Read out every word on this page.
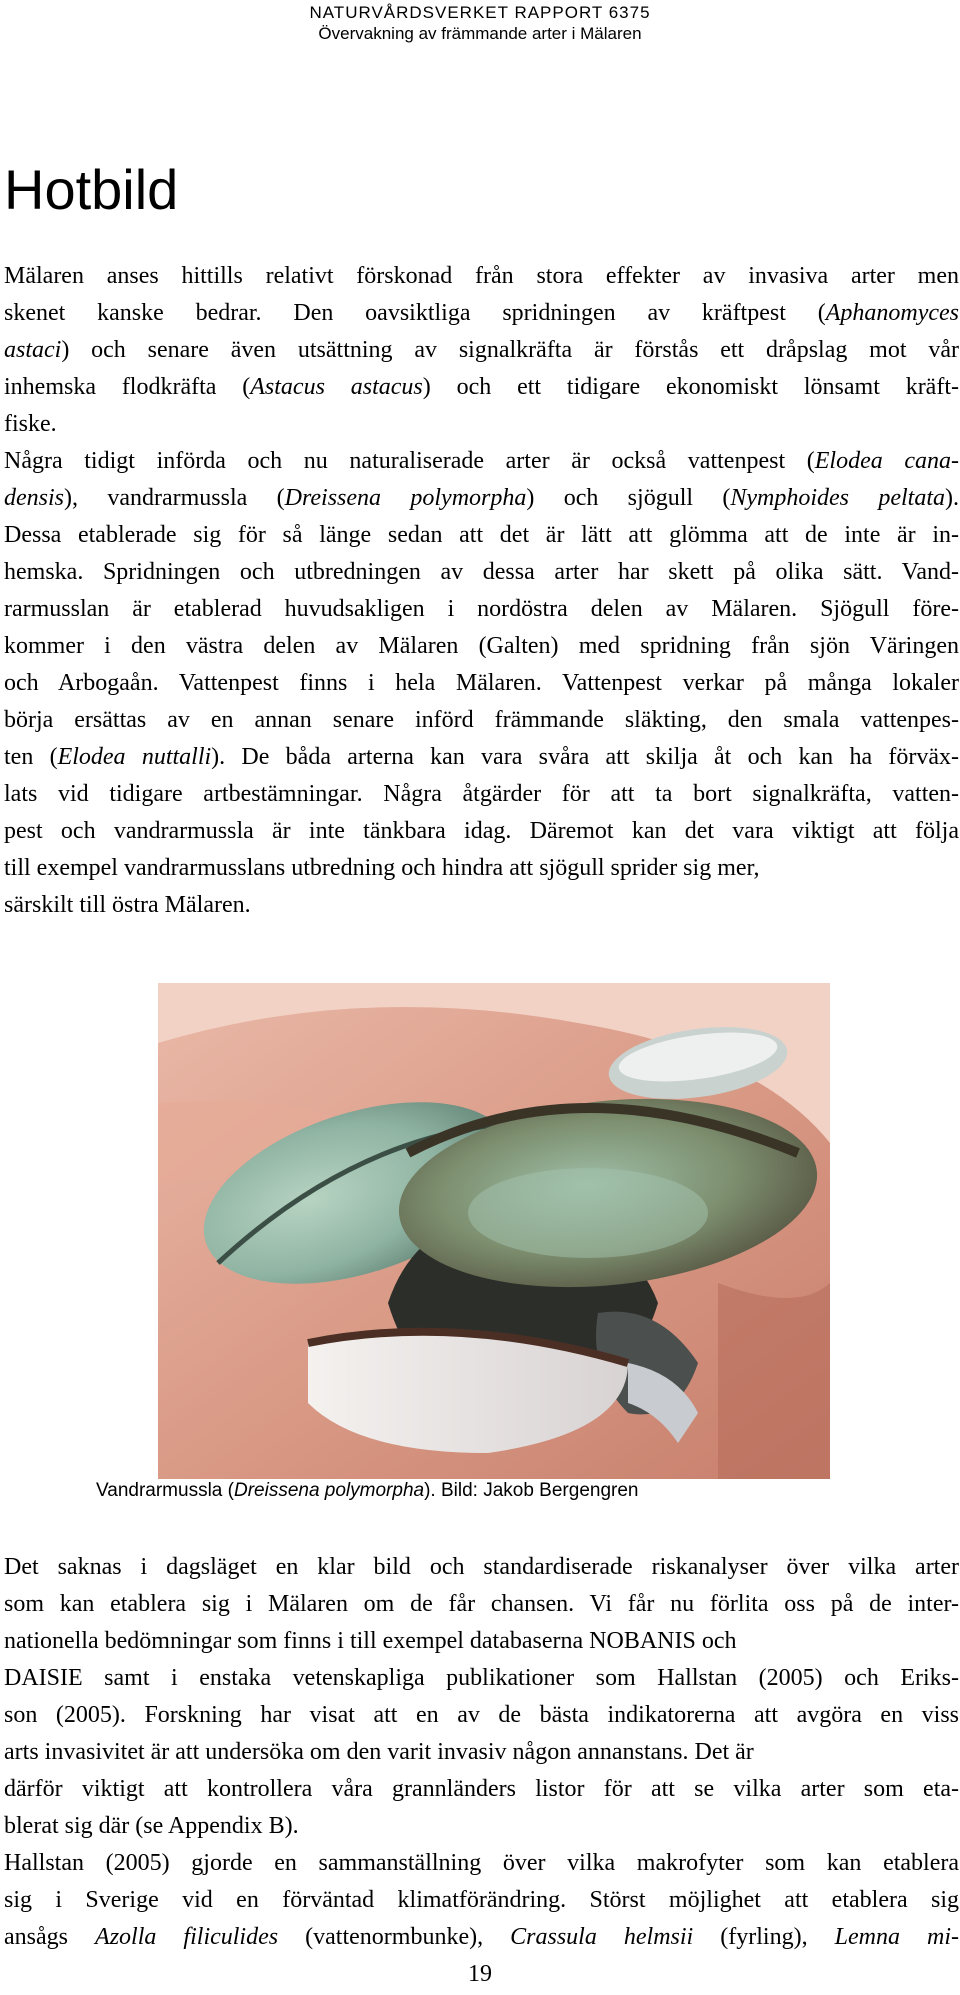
NATURVÅRDSVERKET RAPPORT 6375
Övervakning av främmande arter i Mälaren
Hotbild
Mälaren anses hittills relativt förskonad från stora effekter av invasiva arter men
skenet kanske bedrar. Den oavsiktliga spridningen av kräftpest (Aphanomyces
astaci) och senare även utsättning av signalkräfta är förstås ett dråpslag mot vår
inhemska flodkräfta (Astacus astacus) och ett tidigare ekonomiskt lönsamt kräft-
fiske.
Några tidigt införda och nu naturaliserade arter är också vattenpest (Elodea cana-
densis), vandrarmussla (Dreissena polymorpha) och sjögull (Nymphoides peltata).
Dessa etablerade sig för så länge sedan att det är lätt att glömma att de inte är in-
hemska. Spridningen och utbredningen av dessa arter har skett på olika sätt. Vand-
rarmusslan är etablerad huvudsakligen i nordöstra delen av Mälaren. Sjögull före-
kommer i den västra delen av Mälaren (Galten) med spridning från sjön Väringen
och Arbogaån. Vattenpest finns i hela Mälaren. Vattenpest verkar på många lokaler
börja ersättas av en annan senare införd främmande släkting, den smala vattenpes-
ten (Elodea nuttalli). De båda arterna kan vara svåra att skilja åt och kan ha förväx-
lats vid tidigare artbestämningar. Några åtgärder för att ta bort signalkräfta, vatten-
pest och vandrarmussla är inte tänkbara idag. Däremot kan det vara viktigt att följa
till exempel vandrarmusslans utbredning och hindra att sjögull sprider sig mer,
särskilt till östra Mälaren.
Vandrarmussla (Dreissena polymorpha). Bild: Jakob Bergengren
Det saknas i dagsläget en klar bild och standardiserade riskanalyser över vilka arter
som kan etablera sig i Mälaren om de får chansen. Vi får nu förlita oss på de inter-
nationella bedömningar som finns i till exempel databaserna NOBANIS och
DAISIE samt i enstaka vetenskapliga publikationer som Hallstan (2005) och Eriks-
son (2005). Forskning har visat att en av de bästa indikatorerna att avgöra en viss
arts invasivitet är att undersöka om den varit invasiv någon annanstans. Det är
därför viktigt att kontrollera våra grannländers listor för att se vilka arter som eta-
blerat sig där (se Appendix B).
Hallstan (2005) gjorde en sammanställning över vilka makrofyter som kan etablera
sig i Sverige vid en förväntad klimatförändring. Störst möjlighet att etablera sig
ansågs Azolla filiculides (vattenormbunke), Crassula helmsii (fyrling), Lemna mi-
19
